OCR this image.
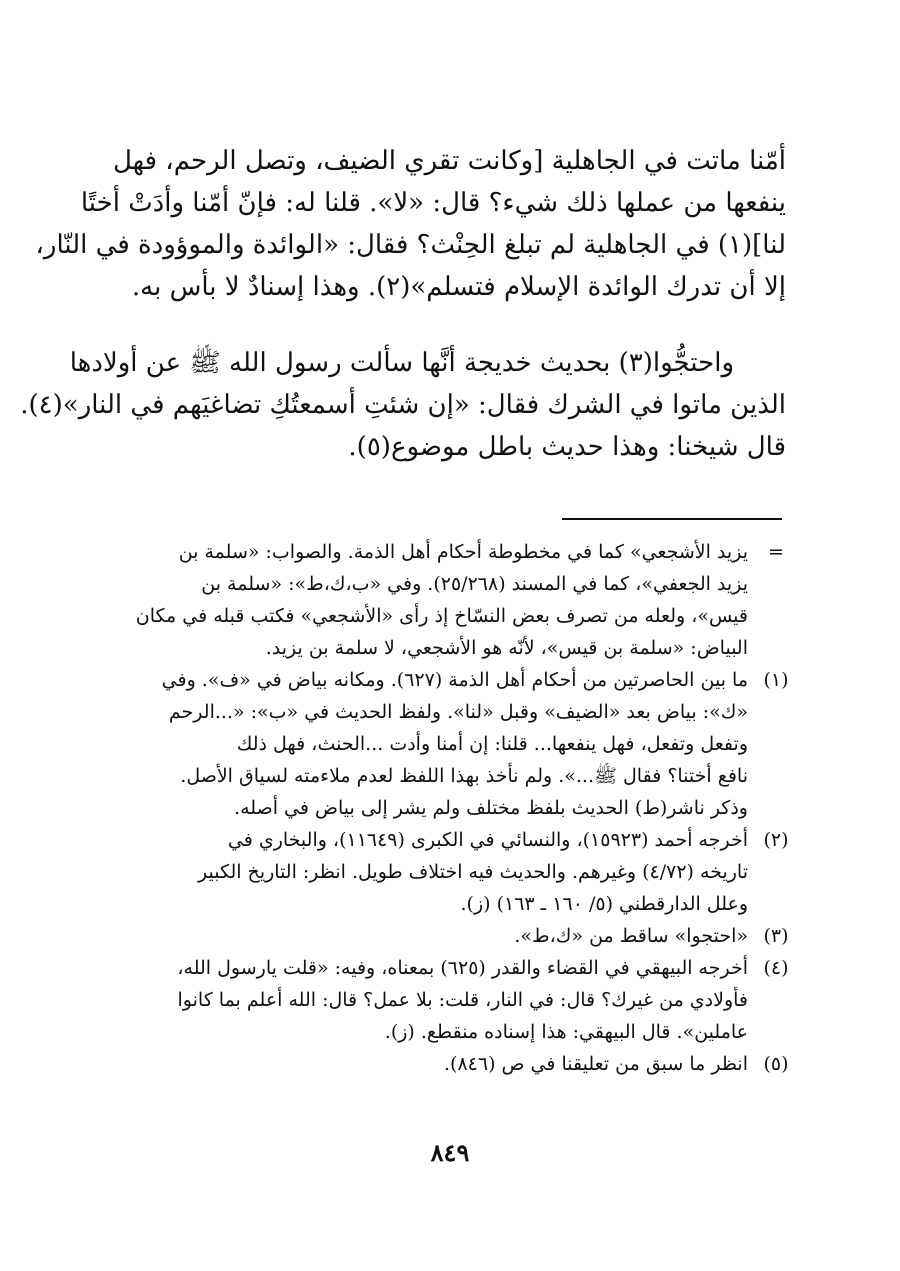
أمّنا ماتت في الجاهلية [وكانت تقري الضيف، وتصل الرحم، فهل
ينفعها من عملها ذلك شيء؟ قال: «لا». قلنا له: فإنّ أمّنا وأدَتْ أختًا
لنا](١) في الجاهلية لم تبلغ الحِنْث؟ فقال: «الوائدة والموؤودة في النّار،
إلا أن تدرك الوائدة الإسلام فتسلم»(٢). وهذا إسنادٌ لا بأس به.

واحتجُّوا(٣) بحديث خديجة أنَّها سألت رسول الله ﷺ عن أولادها
الذين ماتوا في الشرك فقال: «إن شئتِ أسمعتُكِ تضاغيَهم في النار»(٤).
قال شيخنا: وهذا حديث باطل موضوع(٥).

=
يزيد الأشجعي» كما في مخطوطة أحكام أهل الذمة. والصواب: «سلمة بن
يزيد الجعفي»، كما في المسند (٢٥/٢٦٨). وفي «ب،ك،ط»: «سلمة بن
قيس»، ولعله من تصرف بعض النسّاخ إذ رأى «الأشجعي» فكتب قبله في مكان
البياض: «سلمة بن قيس»، لأنّه هو الأشجعي، لا سلمة بن يزيد.
(١)
ما بين الحاصرتين من أحكام أهل الذمة (٦٢٧). ومكانه بياض في «ف». وفي
«ك»: بياض بعد «الضيف» وقبل «لنا». ولفظ الحديث في «ب»: «...الرحم
وتفعل وتفعل، فهل ينفعها... قلنا: إن أمنا وأدت ...الحنث، فهل ذلك
نافع أختنا؟ فقال ﷺ...». ولم نأخذ بهذا اللفظ لعدم ملاءمته لسياق الأصل.
وذكر ناشر(ط) الحديث بلفظ مختلف ولم يشر إلى بياض في أصله.
(٢)
أخرجه أحمد (١٥٩٢٣)، والنسائي في الكبرى (١١٦٤٩)، والبخاري في
تاريخه (٤/٧٢) وغيرهم. والحديث فيه اختلاف طويل. انظر: التاريخ الكبير
وعلل الدارقطني (٥/ ١٦٠ ـ ١٦٣) (ز).
(٣)
«احتجوا» ساقط من «ك،ط».
(٤)
أخرجه البيهقي في القضاء والقدر (٦٢٥) بمعناه، وفيه: «قلت يارسول الله،
فأولادي من غيرك؟ قال: في النار، قلت: بلا عمل؟ قال: الله أعلم بما كانوا
عاملين». قال البيهقي: هذا إسناده منقطع. (ز).
(٥)
انظر ما سبق من تعليقنا في ص (٨٤٦).
٨٤٩
